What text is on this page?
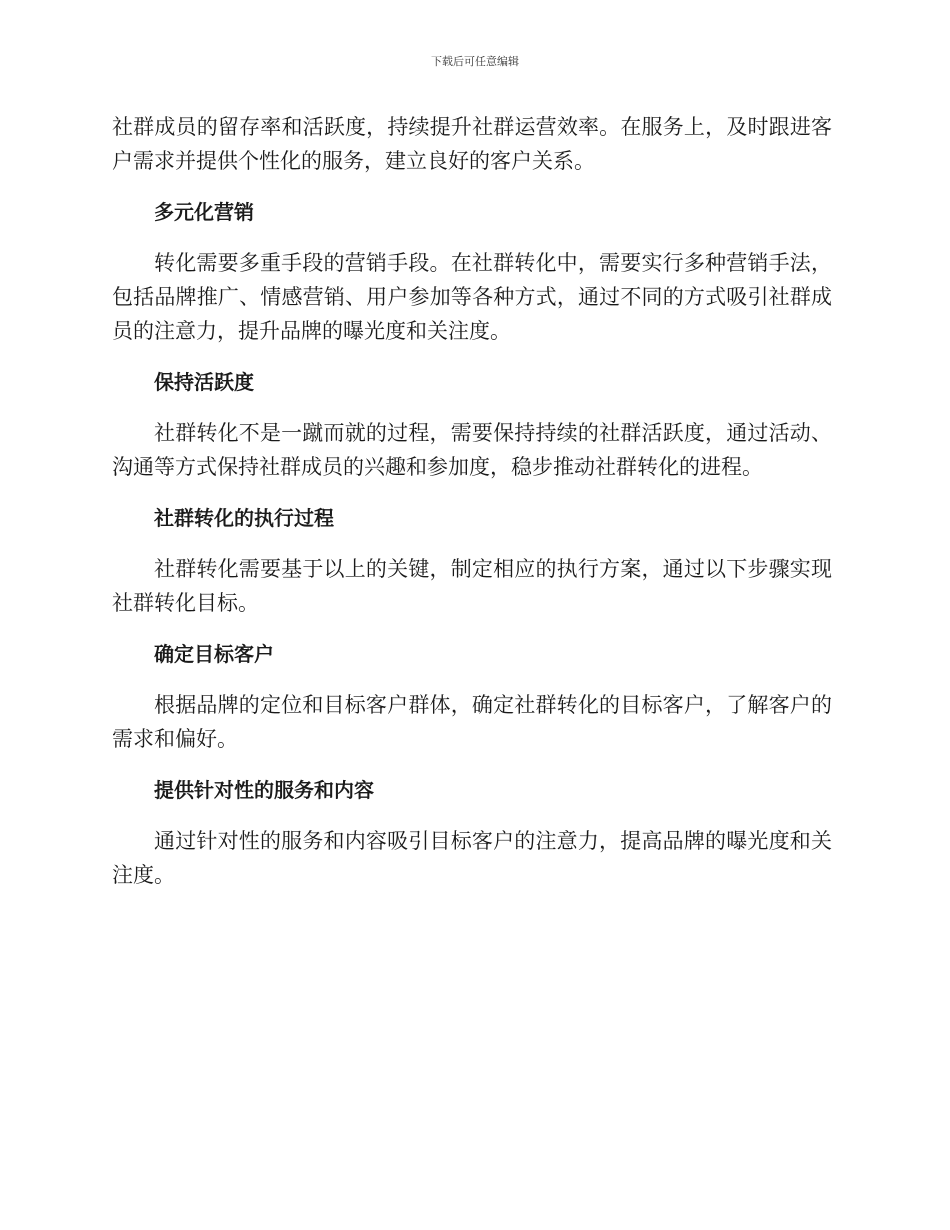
下载后可任意编辑

社群成员的留存率和活跃度，持续提升社群运营效率。在服务上，及时跟进客户需求并提供个性化的服务，建立良好的客户关系。

多元化营销

转化需要多重手段的营销手段。在社群转化中，需要实行多种营销手法，包括品牌推广、情感营销、用户参加等各种方式，通过不同的方式吸引社群成员的注意力，提升品牌的曝光度和关注度。

保持活跃度

社群转化不是一蹴而就的过程，需要保持持续的社群活跃度，通过活动、沟通等方式保持社群成员的兴趣和参加度，稳步推动社群转化的进程。

社群转化的执行过程

社群转化需要基于以上的关键，制定相应的执行方案，通过以下步骤实现社群转化目标。

确定目标客户

根据品牌的定位和目标客户群体，确定社群转化的目标客户，了解客户的需求和偏好。

提供针对性的服务和内容

通过针对性的服务和内容吸引目标客户的注意力，提高品牌的曝光度和关注度。
